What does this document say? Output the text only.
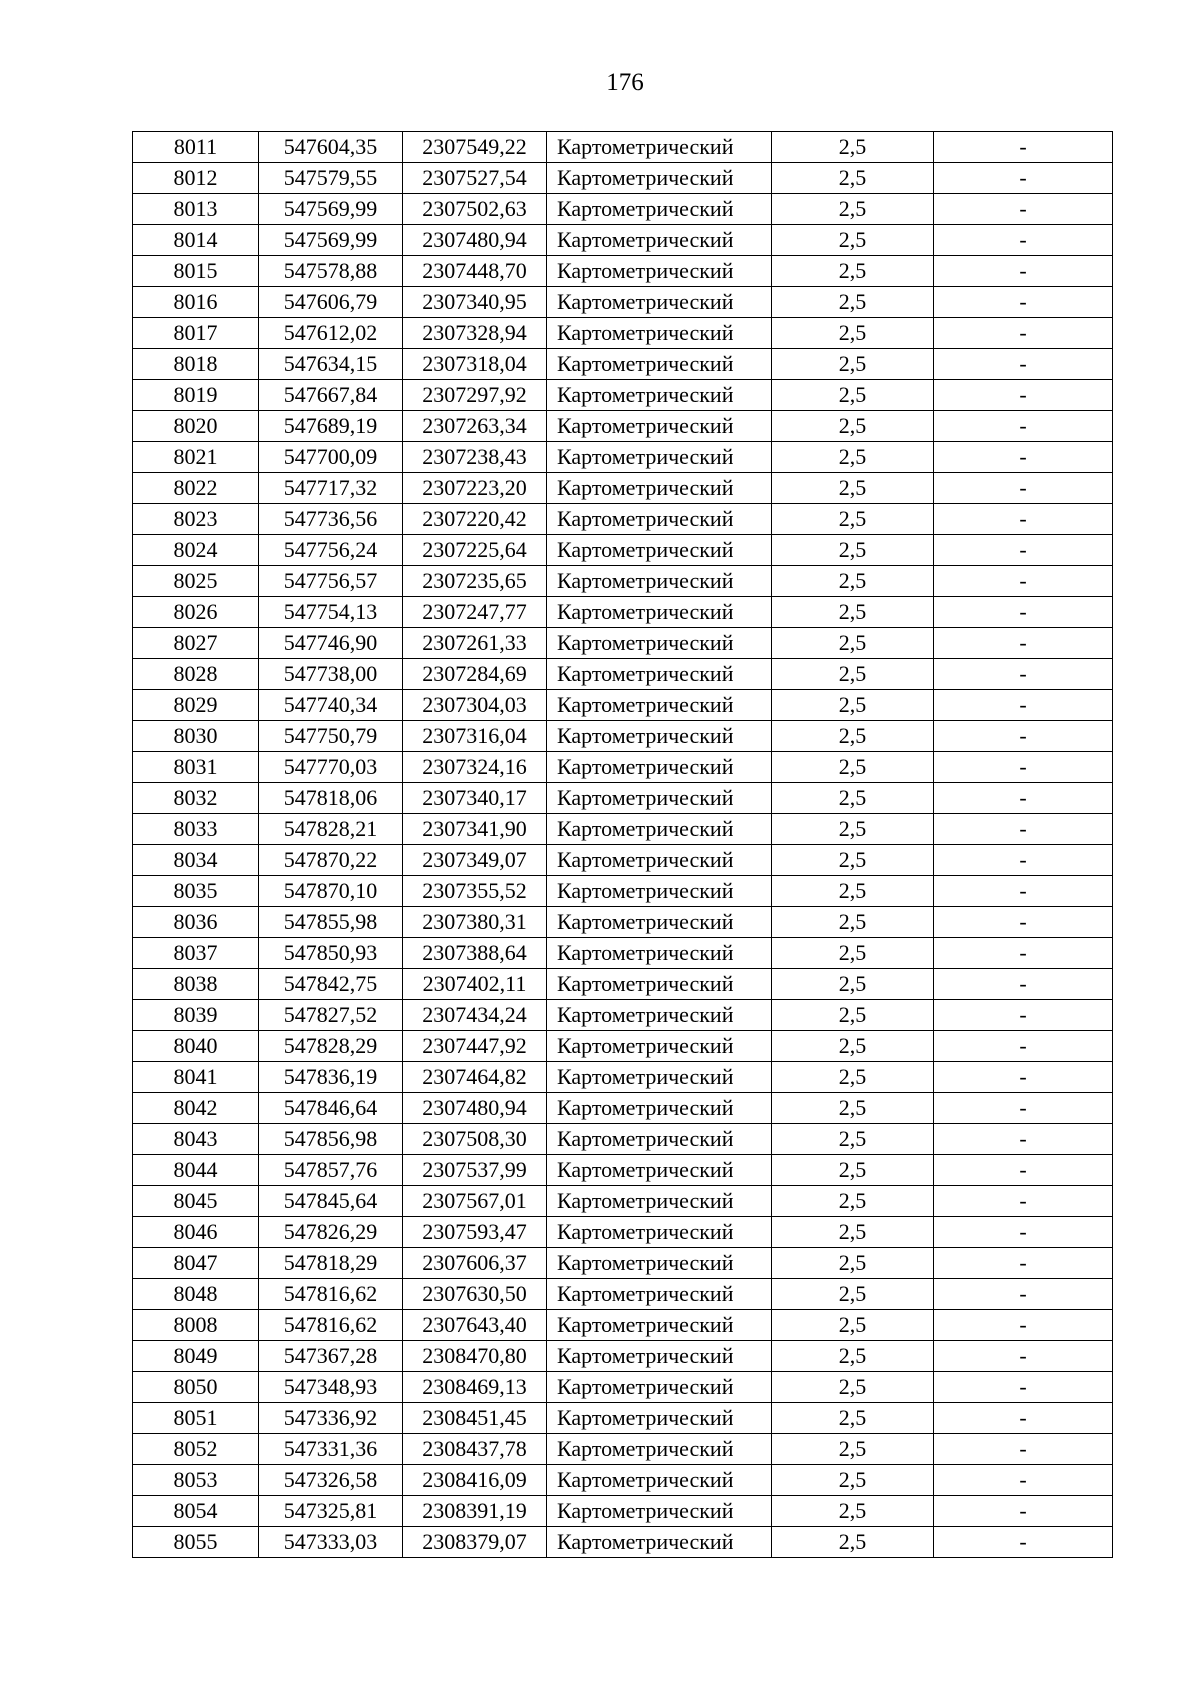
176
8011	547604,35	2307549,22	Картометрический	2,5	-
8012	547579,55	2307527,54	Картометрический	2,5	-
8013	547569,99	2307502,63	Картометрический	2,5	-
8014	547569,99	2307480,94	Картометрический	2,5	-
8015	547578,88	2307448,70	Картометрический	2,5	-
8016	547606,79	2307340,95	Картометрический	2,5	-
8017	547612,02	2307328,94	Картометрический	2,5	-
8018	547634,15	2307318,04	Картометрический	2,5	-
8019	547667,84	2307297,92	Картометрический	2,5	-
8020	547689,19	2307263,34	Картометрический	2,5	-
8021	547700,09	2307238,43	Картометрический	2,5	-
8022	547717,32	2307223,20	Картометрический	2,5	-
8023	547736,56	2307220,42	Картометрический	2,5	-
8024	547756,24	2307225,64	Картометрический	2,5	-
8025	547756,57	2307235,65	Картометрический	2,5	-
8026	547754,13	2307247,77	Картометрический	2,5	-
8027	547746,90	2307261,33	Картометрический	2,5	-
8028	547738,00	2307284,69	Картометрический	2,5	-
8029	547740,34	2307304,03	Картометрический	2,5	-
8030	547750,79	2307316,04	Картометрический	2,5	-
8031	547770,03	2307324,16	Картометрический	2,5	-
8032	547818,06	2307340,17	Картометрический	2,5	-
8033	547828,21	2307341,90	Картометрический	2,5	-
8034	547870,22	2307349,07	Картометрический	2,5	-
8035	547870,10	2307355,52	Картометрический	2,5	-
8036	547855,98	2307380,31	Картометрический	2,5	-
8037	547850,93	2307388,64	Картометрический	2,5	-
8038	547842,75	2307402,11	Картометрический	2,5	-
8039	547827,52	2307434,24	Картометрический	2,5	-
8040	547828,29	2307447,92	Картометрический	2,5	-
8041	547836,19	2307464,82	Картометрический	2,5	-
8042	547846,64	2307480,94	Картометрический	2,5	-
8043	547856,98	2307508,30	Картометрический	2,5	-
8044	547857,76	2307537,99	Картометрический	2,5	-
8045	547845,64	2307567,01	Картометрический	2,5	-
8046	547826,29	2307593,47	Картометрический	2,5	-
8047	547818,29	2307606,37	Картометрический	2,5	-
8048	547816,62	2307630,50	Картометрический	2,5	-
8008	547816,62	2307643,40	Картометрический	2,5	-
8049	547367,28	2308470,80	Картометрический	2,5	-
8050	547348,93	2308469,13	Картометрический	2,5	-
8051	547336,92	2308451,45	Картометрический	2,5	-
8052	547331,36	2308437,78	Картометрический	2,5	-
8053	547326,58	2308416,09	Картометрический	2,5	-
8054	547325,81	2308391,19	Картометрический	2,5	-
8055	547333,03	2308379,07	Картометрический	2,5	-
